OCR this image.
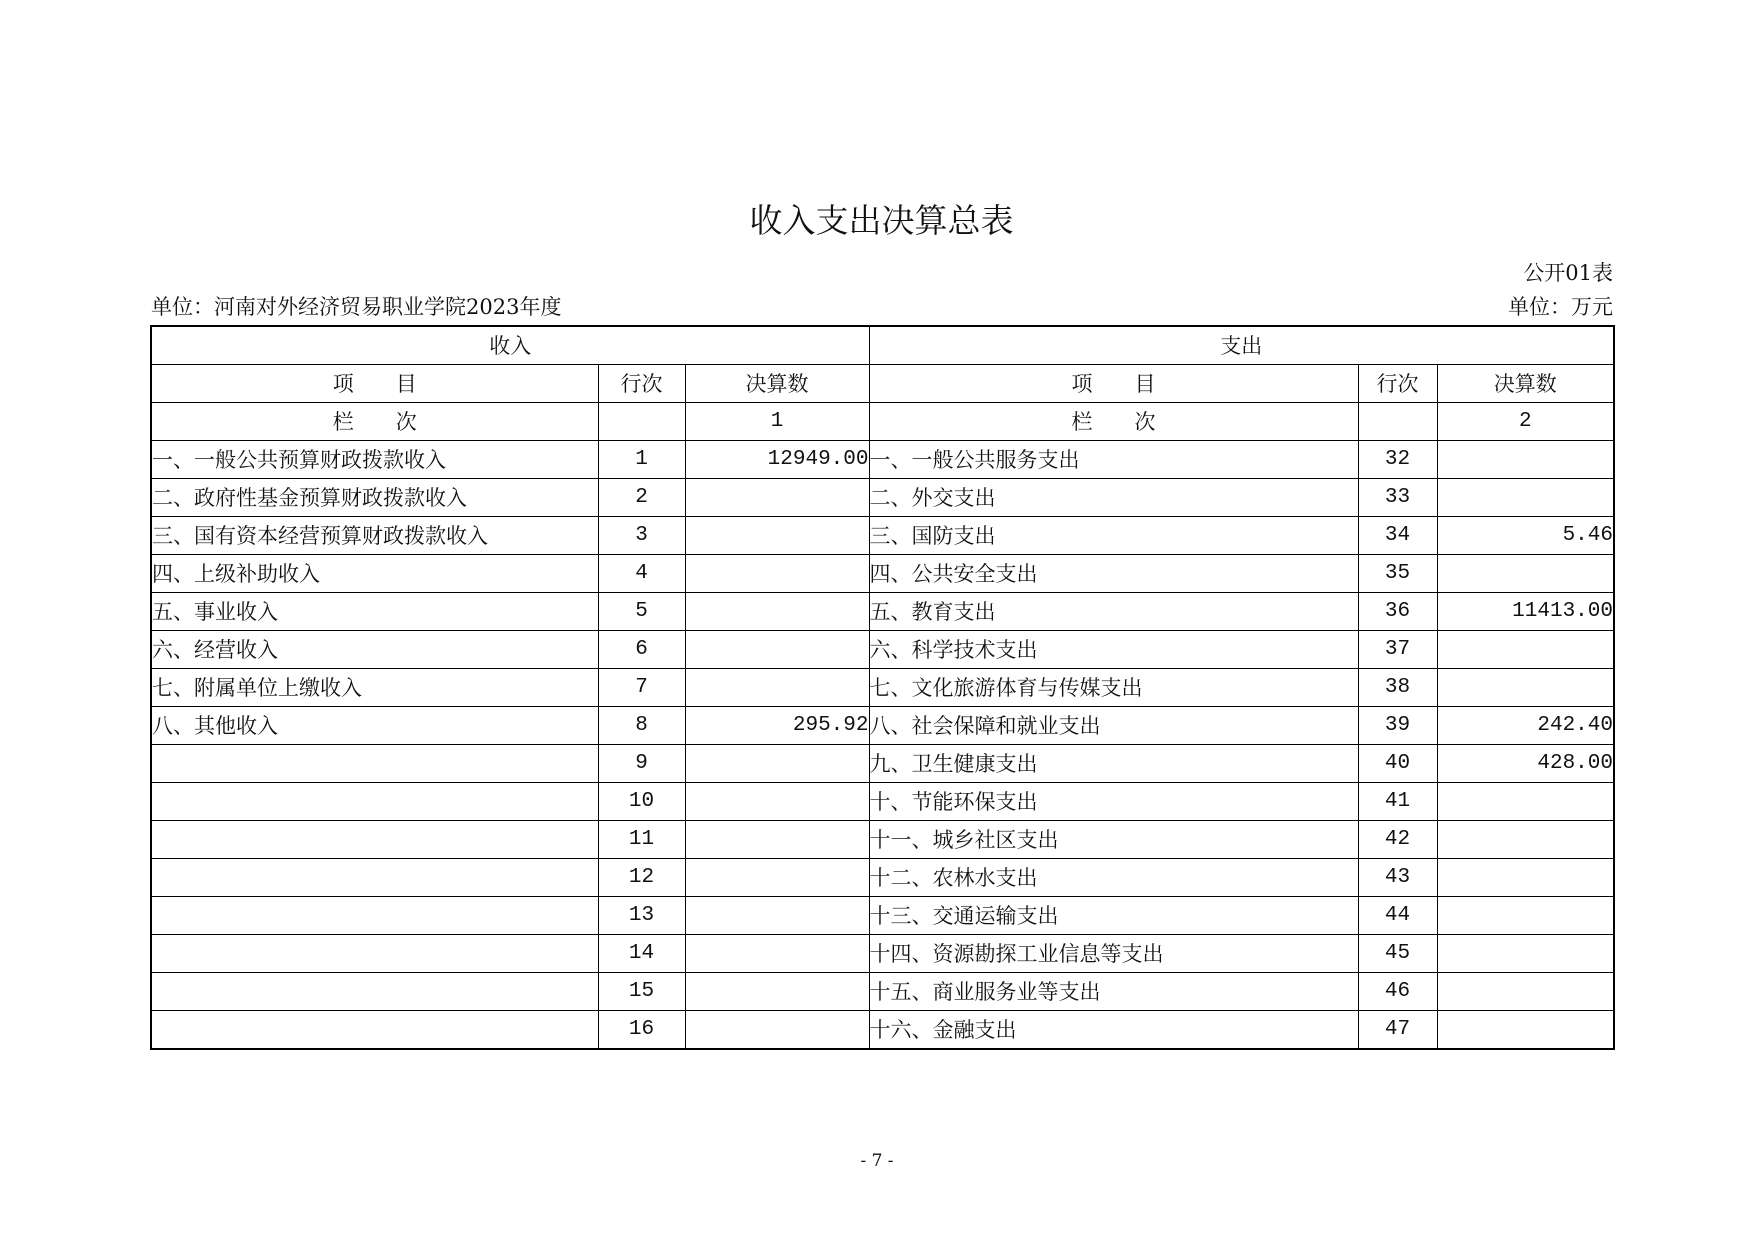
收入支出决算总表
公开01表
单位：河南对外经济贸易职业学院2023年度	单位：万元
收入			支出		
项　　目	行次	决算数	项　　目	行次	决算数
栏　　次		1	栏　　次		2
一、一般公共预算财政拨款收入	1	12949.00	一、一般公共服务支出	32	
二、政府性基金预算财政拨款收入	2		二、外交支出	33	
三、国有资本经营预算财政拨款收入	3		三、国防支出	34	5.46
四、上级补助收入	4		四、公共安全支出	35	
五、事业收入	5		五、教育支出	36	11413.00
六、经营收入	6		六、科学技术支出	37	
七、附属单位上缴收入	7		七、文化旅游体育与传媒支出	38	
八、其他收入	8	295.92	八、社会保障和就业支出	39	242.40
	9		九、卫生健康支出	40	428.00
	10		十、节能环保支出	41	
	11		十一、城乡社区支出	42	
	12		十二、农林水支出	43	
	13		十三、交通运输支出	44	
	14		十四、资源勘探工业信息等支出	45	
	15		十五、商业服务业等支出	46	
	16		十六、金融支出	47	
- 7 -
